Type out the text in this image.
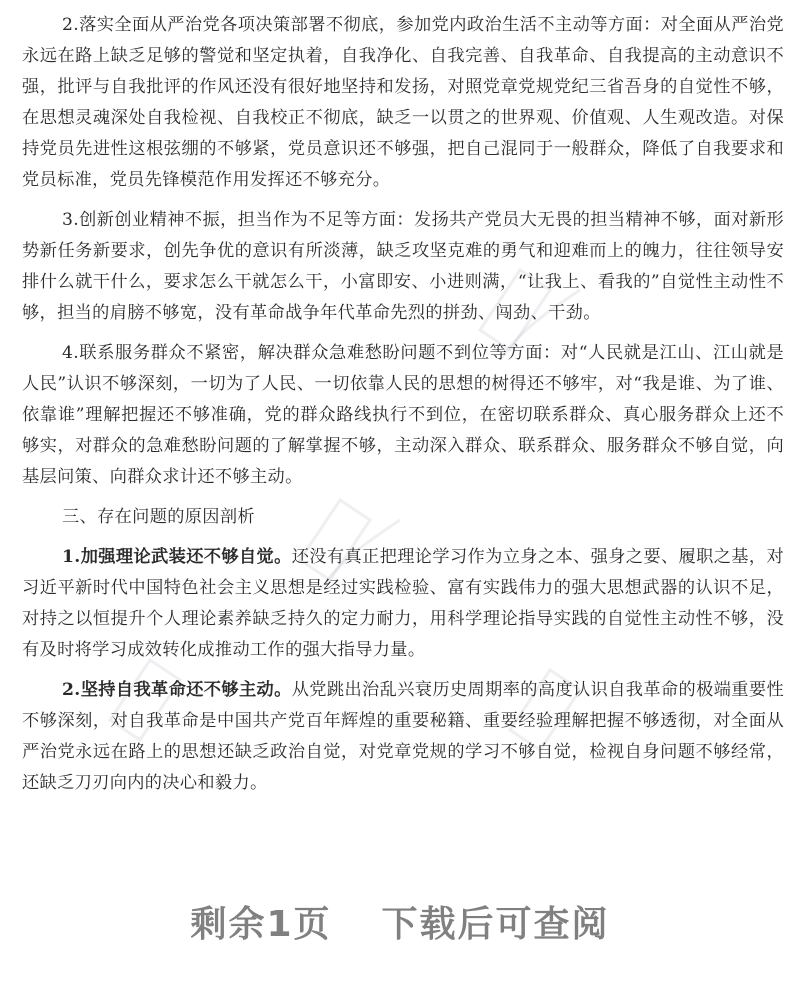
2.落实全面从严治党各项决策部署不彻底，参加党内政治生活不主动等方面：对全面从严治党永远在路上缺乏足够的警觉和坚定执着，自我净化、自我完善、自我革命、自我提高的主动意识不强，批评与自我批评的作风还没有很好地坚持和发扬，对照党章党规党纪三省吾身的自觉性不够，在思想灵魂深处自我检视、自我校正不彻底，缺乏一以贯之的世界观、价值观、人生观改造。对保持党员先进性这根弦绷的不够紧，党员意识还不够强，把自己混同于一般群众，降低了自我要求和党员标准，党员先锋模范作用发挥还不够充分。

3.创新创业精神不振，担当作为不足等方面：发扬共产党员大无畏的担当精神不够，面对新形势新任务新要求，创先争优的意识有所淡薄，缺乏攻坚克难的勇气和迎难而上的魄力，往往领导安排什么就干什么，要求怎么干就怎么干，小富即安、小进则满，“让我上、看我的”自觉性主动性不够，担当的肩膀不够宽，没有革命战争年代革命先烈的拼劲、闯劲、干劲。

4.联系服务群众不紧密，解决群众急难愁盼问题不到位等方面：对“人民就是江山、江山就是人民”认识不够深刻，一切为了人民、一切依靠人民的思想的树得还不够牢，对“我是谁、为了谁、依靠谁”理解把握还不够准确，党的群众路线执行不到位，在密切联系群众、真心服务群众上还不够实，对群众的急难愁盼问题的了解掌握不够，主动深入群众、联系群众、服务群众不够自觉，向基层问策、向群众求计还不够主动。

三、存在问题的原因剖析

1.加强理论武装还不够自觉。还没有真正把理论学习作为立身之本、强身之要、履职之基，对习近平新时代中国特色社会主义思想是经过实践检验、富有实践伟力的强大思想武器的认识不足，对持之以恒提升个人理论素养缺乏持久的定力耐力，用科学理论指导实践的自觉性主动性不够，没有及时将学习成效转化成推动工作的强大指导力量。

2.坚持自我革命还不够主动。从党跳出治乱兴衰历史周期率的高度认识自我革命的极端重要性不够深刻，对自我革命是中国共产党百年辉煌的重要秘籍、重要经验理解把握不够透彻，对全面从严治党永远在路上的思想还缺乏政治自觉，对党章党规的学习不够自觉，检视自身问题不够经常，还缺乏刀刃向内的决心和毅力。

剩余1页 下载后可查阅
